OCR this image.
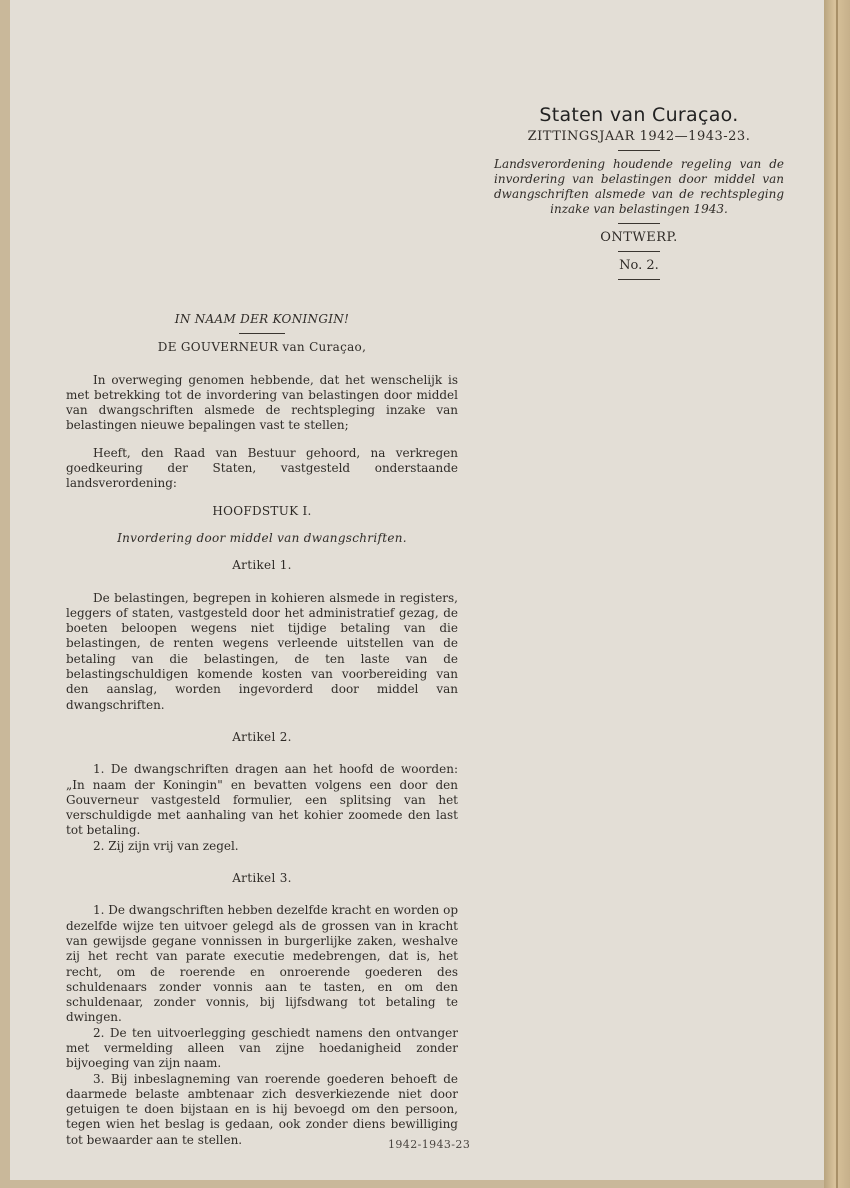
Staten van Curaçao.
ZITTINGSJAAR 1942—1943-23.
Landsverordening houdende regeling van de invordering van belastingen door middel van dwangschriften alsmede van de rechtspleging inzake van belastingen 1943.
ONTWERP.
No. 2.

IN NAAM DER KONINGIN!

DE GOUVERNEUR van Curaçao,

In overweging genomen hebbende, dat het wenschelijk is met betrekking tot de invordering van belastingen door middel van dwangschriften alsmede de rechtspleging inzake van belastingen nieuwe bepalingen vast te stellen;

Heeft, den Raad van Bestuur gehoord, na verkregen goedkeuring der Staten, vastgesteld onderstaande landsverordening:

HOOFDSTUK I.

Invordering door middel van dwangschriften.

Artikel 1.

De belastingen, begrepen in kohieren alsmede in registers, leggers of staten, vastgesteld door het administratief gezag, de boeten beloopen wegens niet tijdige betaling van die belastingen, de renten wegens verleende uitstellen van de betaling van die belastingen, de ten laste van de belastingschuldigen komende kosten van voorbereiding van den aanslag, worden ingevorderd door middel van dwangschriften.

Artikel 2.

1. De dwangschriften dragen aan het hoofd de woorden: „In naam der Koningin" en bevatten volgens een door den Gouverneur vastgesteld formulier, een splitsing van het verschuldigde met aanhaling van het kohier zoomede den last tot betaling.

2. Zij zijn vrij van zegel.

Artikel 3.

1. De dwangschriften hebben dezelfde kracht en worden op dezelfde wijze ten uitvoer gelegd als de grossen van in kracht van gewijsde gegane vonnissen in burgerlijke zaken, weshalve zij het recht van parate executie medebrengen, dat is, het recht, om de roerende en onroerende goederen des schuldenaars zonder vonnis aan te tasten, en om den schuldenaar, zonder vonnis, bij lijfsdwang tot betaling te dwingen.

2. De ten uitvoerlegging geschiedt namens den ontvanger met vermelding alleen van zijne hoedanigheid zonder bijvoeging van zijn naam.

3. Bij inbeslagneming van roerende goederen behoeft de daarmede belaste ambtenaar zich desverkiezende niet door getuigen te doen bijstaan en is hij bevoegd om den persoon, tegen wien het beslag is gedaan, ook zonder diens bewilliging tot bewaarder aan te stellen.	1942-1943-23
